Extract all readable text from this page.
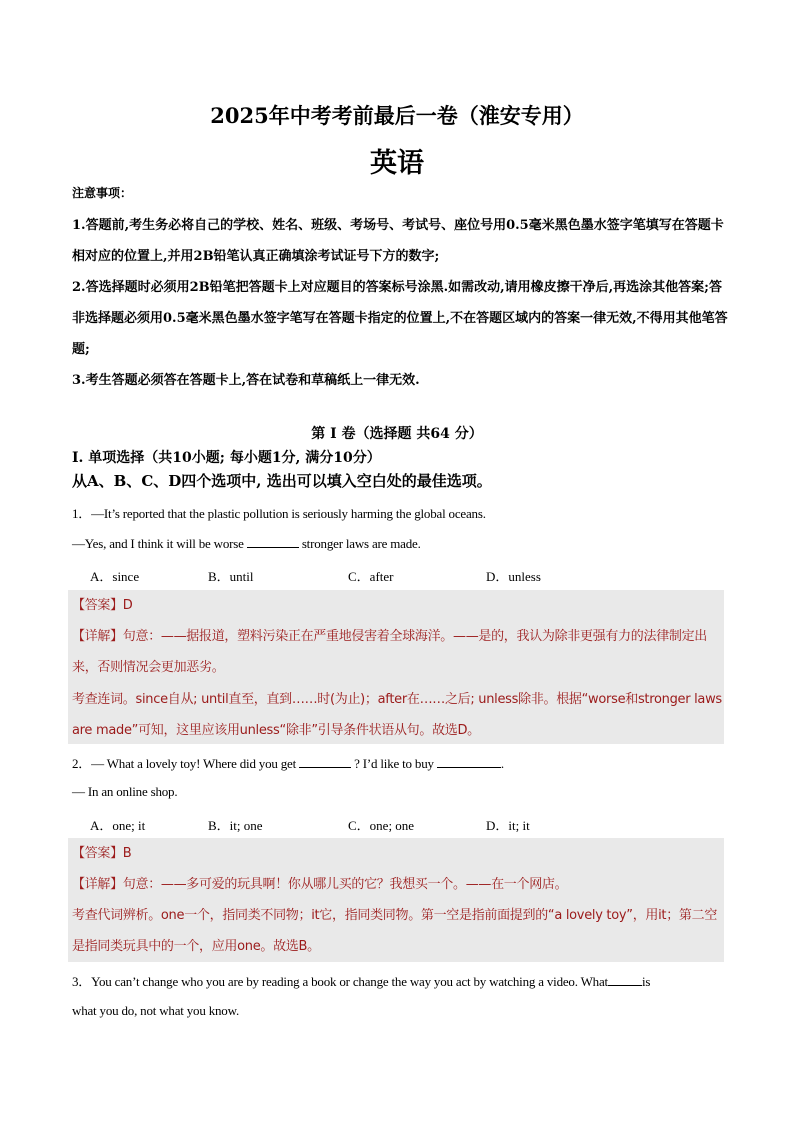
2025年中考考前最后一卷（淮安专用）
英语
注意事项：
1.答题前,考生务必将自己的学校、姓名、班级、考场号、考试号、座位号用0.5毫米黑色墨水签字笔填写在答题卡相对应的位置上,并用2B铅笔认真正确填涂考试证号下方的数字;
2.答选择题时必须用2B铅笔把答题卡上对应题目的答案标号涂黑.如需改动,请用橡皮擦干净后,再选涂其他答案;答非选择题必须用0.5毫米黑色墨水签字笔写在答题卡指定的位置上,不在答题区域内的答案一律无效,不得用其他笔答题;
3.考生答题必须答在答题卡上,答在试卷和草稿纸上一律无效.
第 I 卷（选择题 共64 分）
I. 单项选择（共10小题; 每小题1分, 满分10分）
从A、B、C、D四个选项中, 选出可以填入空白处的最佳选项。
1．—It’s reported that the plastic pollution is seriously harming the global oceans.
—Yes, and I think it will be worse	stronger laws are made.
A．since	B．until	C．after	D．unless
【答案】D
【详解】句意：——据报道，塑料污染正在严重地侵害着全球海洋。——是的，我认为除非更强有力的法律制定出来，否则情况会更加恶劣。
考查连词。since自从; until直至，直到……时(为止)；after在……之后; unless除非。根据“worse和stronger laws are made”可知，这里应该用unless“除非”引导条件状语从句。故选D。
2．— What a lovely toy! Where did you get	? I’d like to buy	.
— In an online shop.
A．one; it	B．it; one	C．one; one	D．it; it
【答案】B
【详解】句意：——多可爱的玩具啊！你从哪儿买的它？我想买一个。——在一个网店。
考查代词辨析。one一个，指同类不同物；it它，指同类同物。第一空是指前面提到的“a lovely toy”，用it；第二空是指同类玩具中的一个，应用one。故选B。
3．You can’t change who you are by reading a book or change the way you act by watching a video. What	is
what you do, not what you know.
